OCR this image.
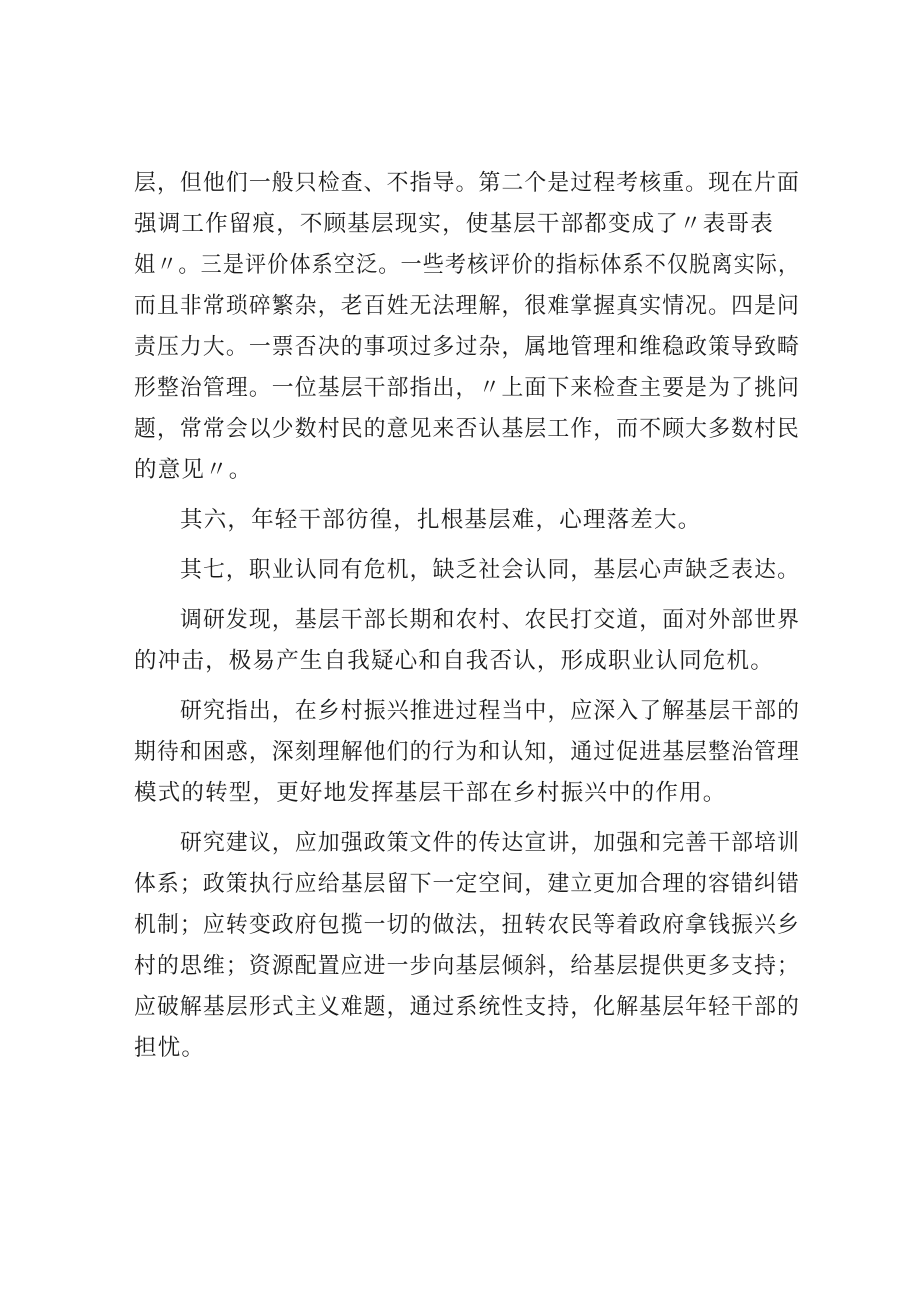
层，但他们一般只检查、不指导。第二个是过程考核重。现在片面
强调工作留痕，不顾基层现实，使基层干部都变成了〃表哥表
姐〃。三是评价体系空泛。一些考核评价的指标体系不仅脱离实际，
而且非常琐碎繁杂，老百姓无法理解，很难掌握真实情况。四是问
责压力大。一票否决的事项过多过杂，属地管理和维稳政策导致畸
形整治管理。一位基层干部指出，〃上面下来检查主要是为了挑问
题，常常会以少数村民的意见来否认基层工作，而不顾大多数村民
的意见〃。
其六，年轻干部彷徨，扎根基层难，心理落差大。
其七，职业认同有危机，缺乏社会认同，基层心声缺乏表达。
调研发现，基层干部长期和农村、农民打交道，面对外部世界
的冲击，极易产生自我疑心和自我否认，形成职业认同危机。
研究指出，在乡村振兴推进过程当中，应深入了解基层干部的
期待和困惑，深刻理解他们的行为和认知，通过促进基层整治管理
模式的转型，更好地发挥基层干部在乡村振兴中的作用。
研究建议，应加强政策文件的传达宣讲，加强和完善干部培训
体系；政策执行应给基层留下一定空间，建立更加合理的容错纠错
机制；应转变政府包揽一切的做法，扭转农民等着政府拿钱振兴乡
村的思维；资源配置应进一步向基层倾斜，给基层提供更多支持；
应破解基层形式主义难题，通过系统性支持，化解基层年轻干部的
担忧。
